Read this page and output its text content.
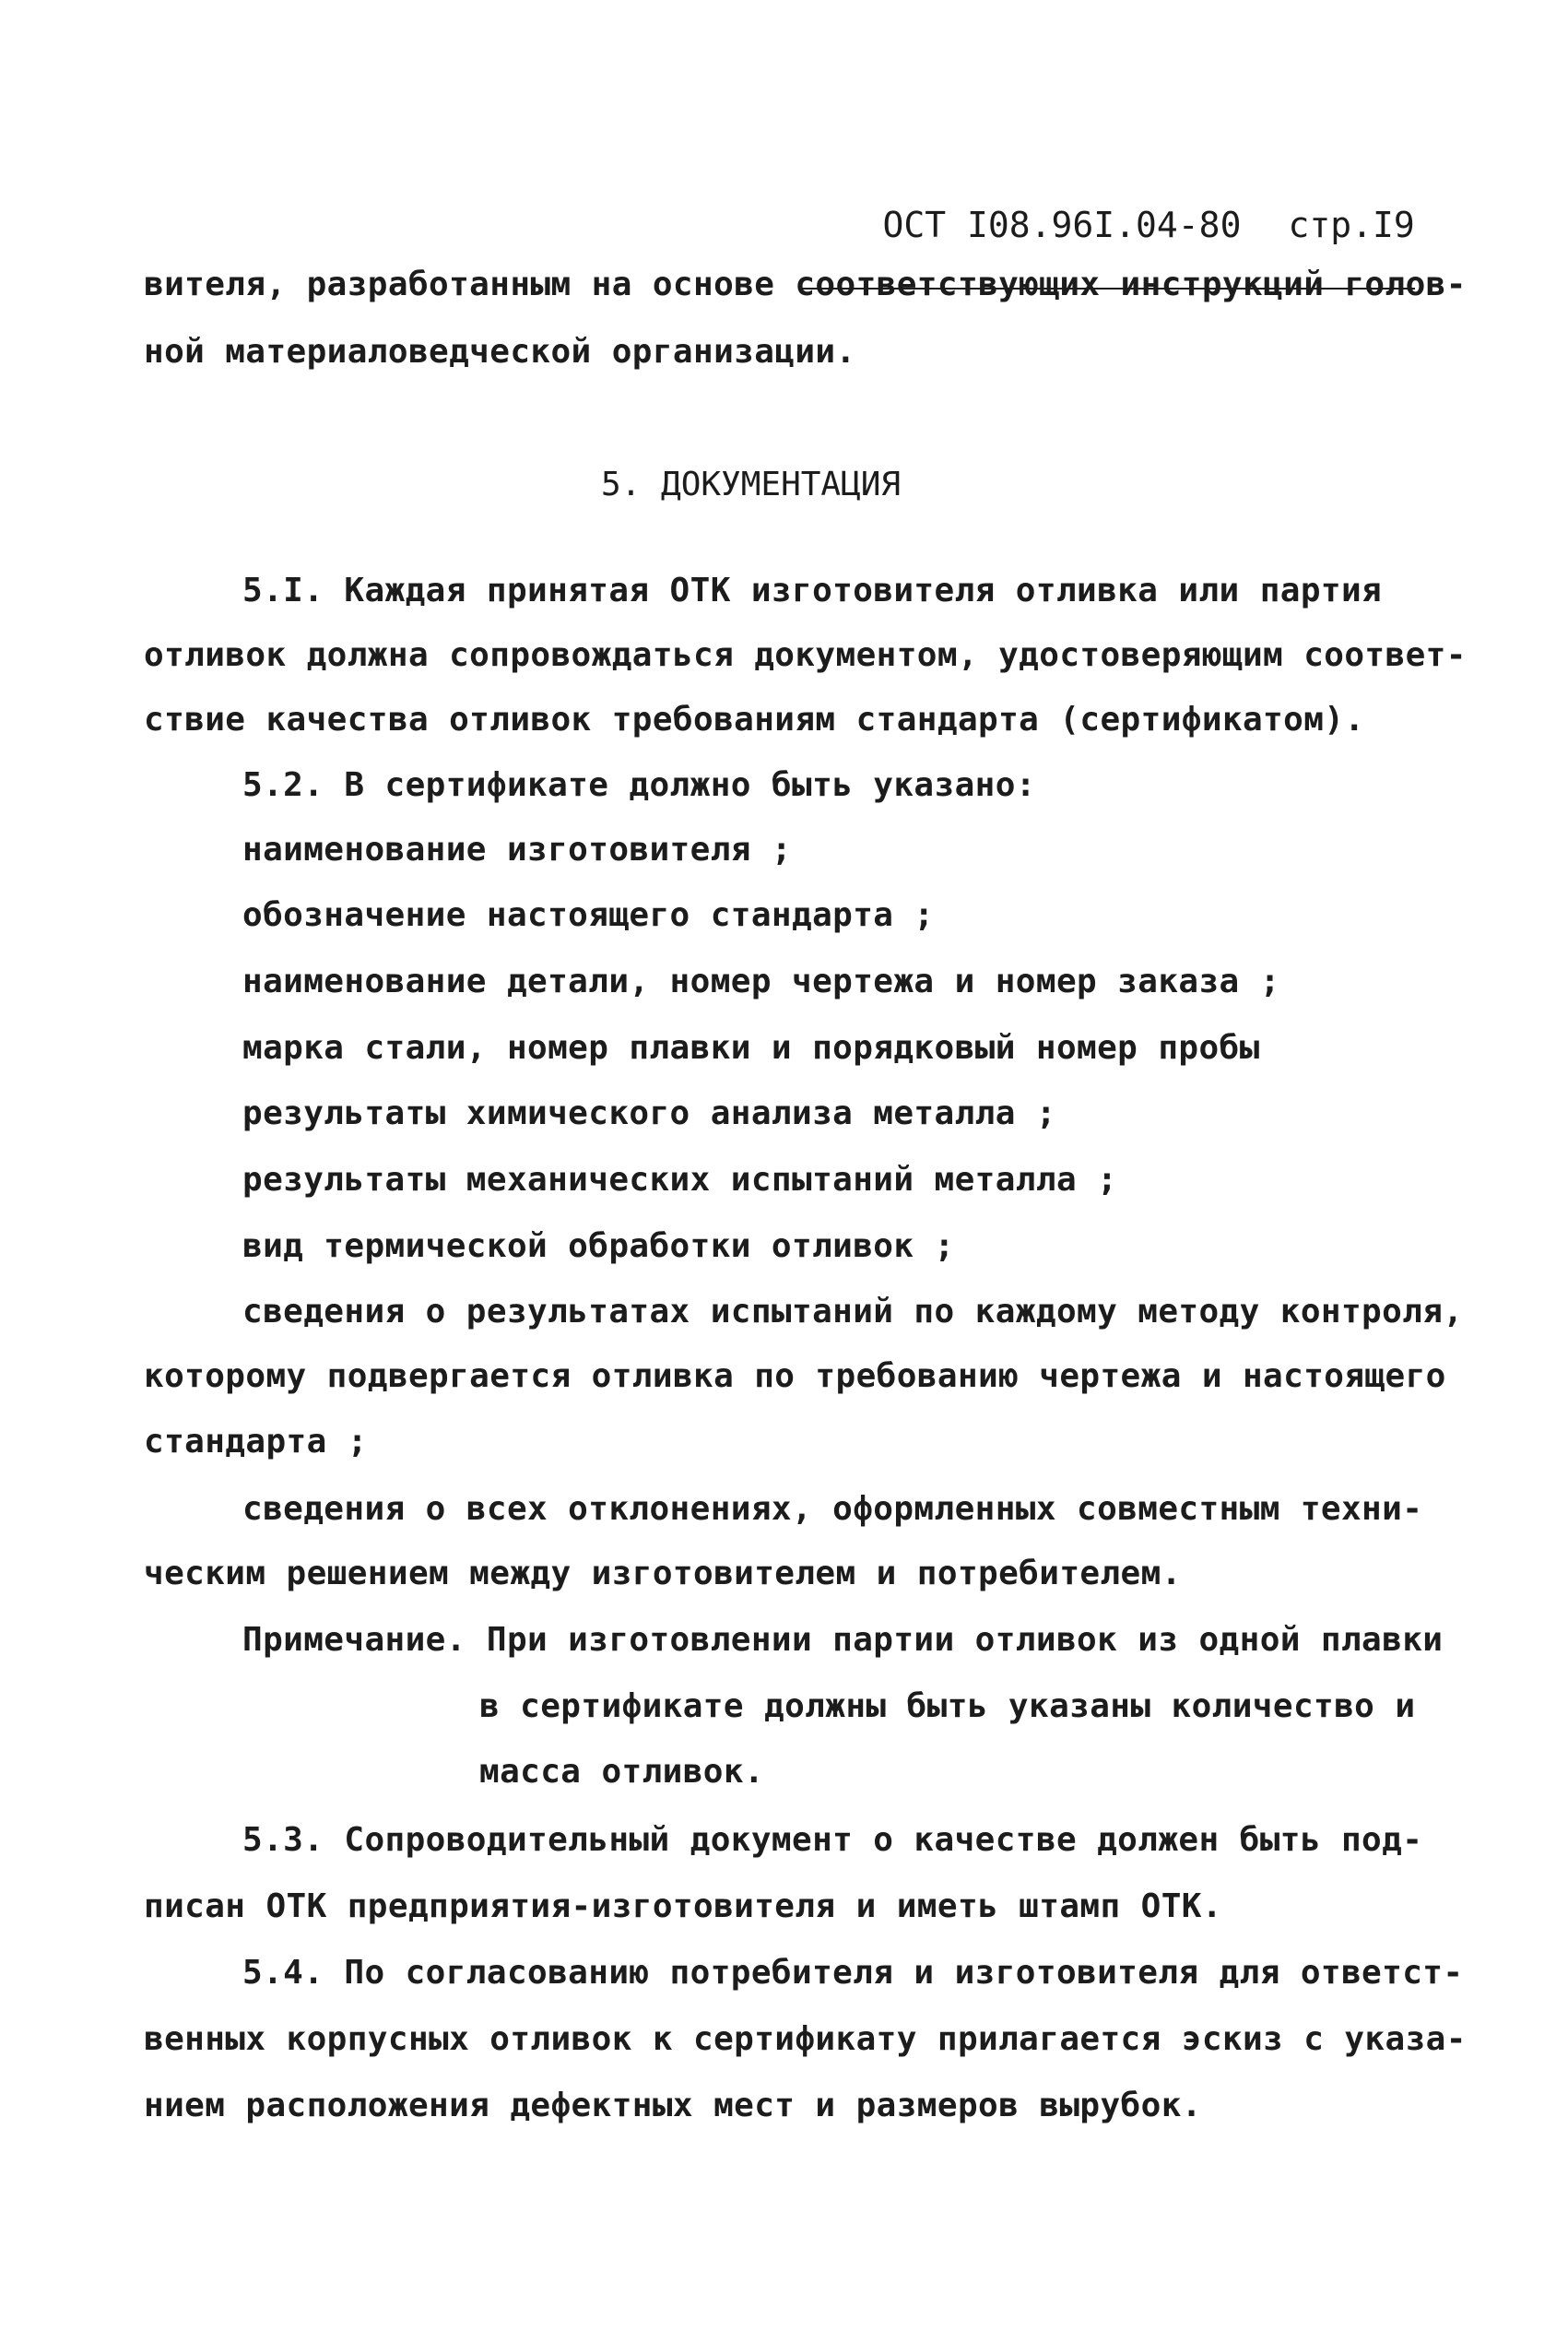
ОСТ I08.96I.04-80 стр.I9

вителя, разработанным на основе соответствующих инструкций голов-
ной материаловедческой организации.
5. ДОКУМЕНТАЦИЯ
5.I. Каждая принятая ОТК изготовителя отливка или партия
отливок должна сопровождаться документом, удостоверяющим соответ-
ствие качества отливок требованиям стандарта (сертификатом).
5.2. В сертификате должно быть указано:
наименование изготовителя ;
обозначение настоящего стандарта ;
наименование детали, номер чертежа и номер заказа ;
марка стали, номер плавки и порядковый номер пробы
результаты химического анализа металла ;
результаты механических испытаний металла ;
вид термической обработки отливок ;
сведения о результатах испытаний по каждому методу контроля,
которому подвергается отливка по требованию чертежа и настоящего
стандарта ;
сведения о всех отклонениях, оформленных совместным техни-
ческим решением между изготовителем и потребителем.
Примечание. При изготовлении партии отливок из одной плавки
в сертификате должны быть указаны количество и
масса отливок.
5.3. Сопроводительный документ о качестве должен быть под-
писан ОТК предприятия-изготовителя и иметь штамп ОТК.
5.4. По согласованию потребителя и изготовителя для ответст-
венных корпусных отливок к сертификату прилагается эскиз с указа-
нием расположения дефектных мест и размеров вырубок.
